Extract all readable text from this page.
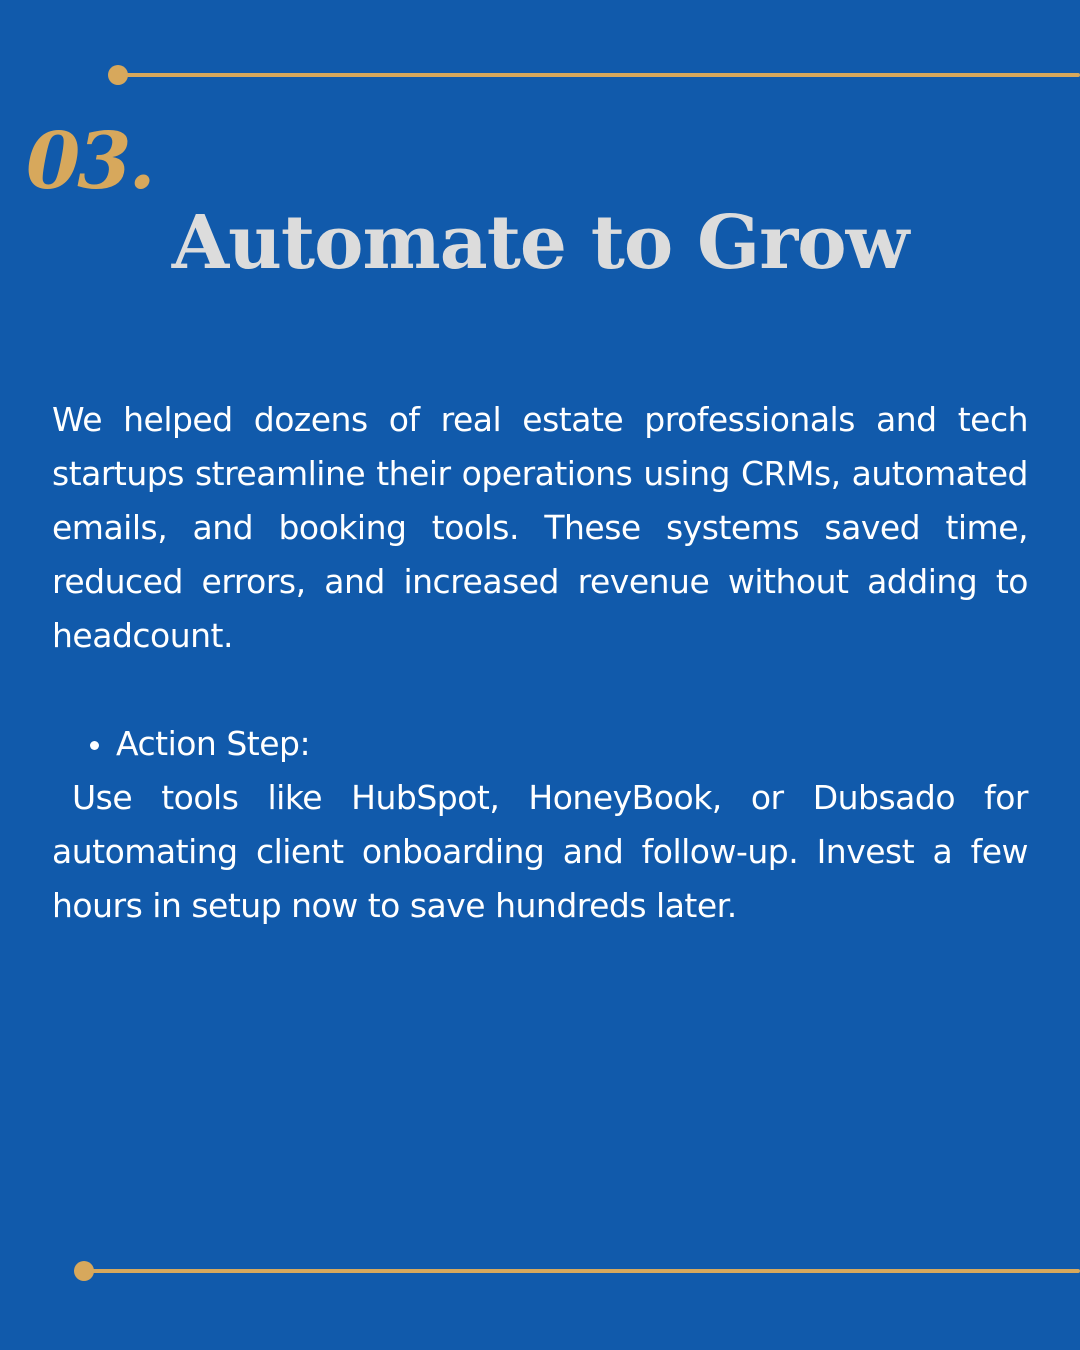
03.
Automate to Grow

We helped dozens of real estate professionals and tech startups streamline their operations using CRMs, automated emails, and booking tools. These systems saved time, reduced errors, and increased revenue without adding to headcount.

Action Step:

Use tools like HubSpot, HoneyBook, or Dubsado for automating client onboarding and follow-up. Invest a few hours in setup now to save hundreds later.
